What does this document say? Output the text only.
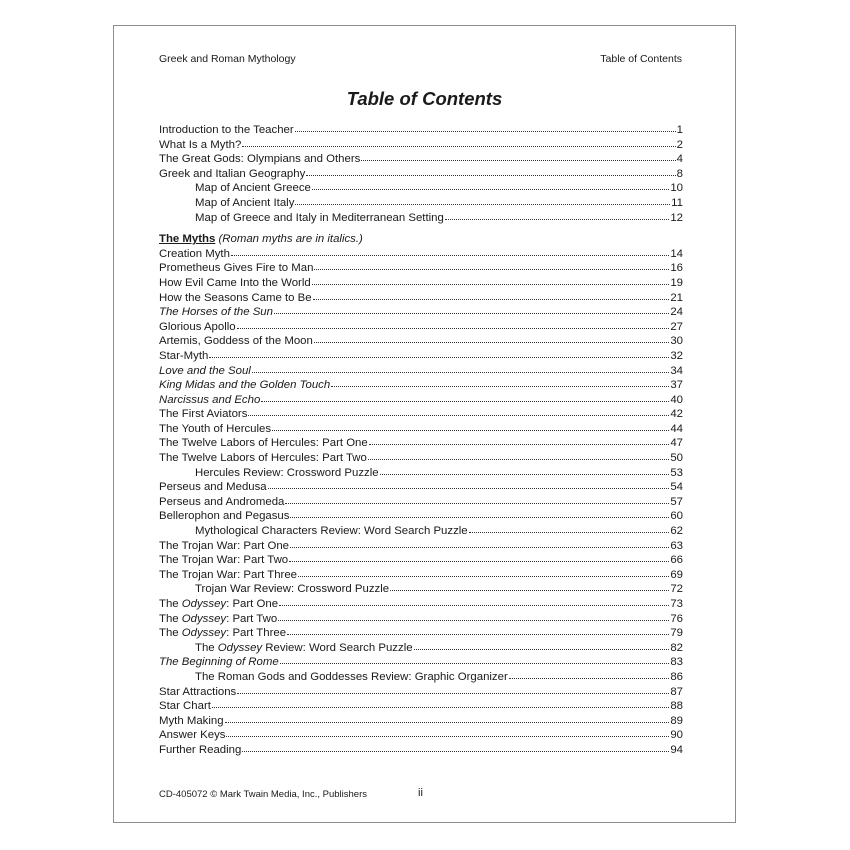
Greek and Roman Mythology	Table of Contents
Table of Contents
Introduction to the Teacher	1
What Is a Myth?	2
The Great Gods: Olympians and Others	4
Greek and Italian Geography	8
Map of Ancient Greece	10
Map of Ancient Italy	11
Map of Greece and Italy in Mediterranean Setting	12
The Myths (Roman myths are in italics.)
Creation Myth	14
Prometheus Gives Fire to Man	16
How Evil Came Into the World	19
How the Seasons Came to Be	21
The Horses of the Sun	24
Glorious Apollo	27
Artemis, Goddess of the Moon	30
Star-Myth	32
Love and the Soul	34
King Midas and the Golden Touch	37
Narcissus and Echo	40
The First Aviators	42
The Youth of Hercules	44
The Twelve Labors of Hercules: Part One	47
The Twelve Labors of Hercules: Part Two	50
Hercules Review: Crossword Puzzle	53
Perseus and Medusa	54
Perseus and Andromeda	57
Bellerophon and Pegasus	60
Mythological Characters Review: Word Search Puzzle	62
The Trojan War: Part One	63
The Trojan War: Part Two	66
The Trojan War: Part Three	69
Trojan War Review: Crossword Puzzle	72
The Odyssey: Part One	73
The Odyssey: Part Two	76
The Odyssey: Part Three	79
The Odyssey Review: Word Search Puzzle	82
The Beginning of Rome	83
The Roman Gods and Goddesses Review: Graphic Organizer	86
Star Attractions	87
Star Chart	88
Myth Making	89
Answer Keys	90
Further Reading	94
CD-405072 © Mark Twain Media, Inc., Publishers	ii
